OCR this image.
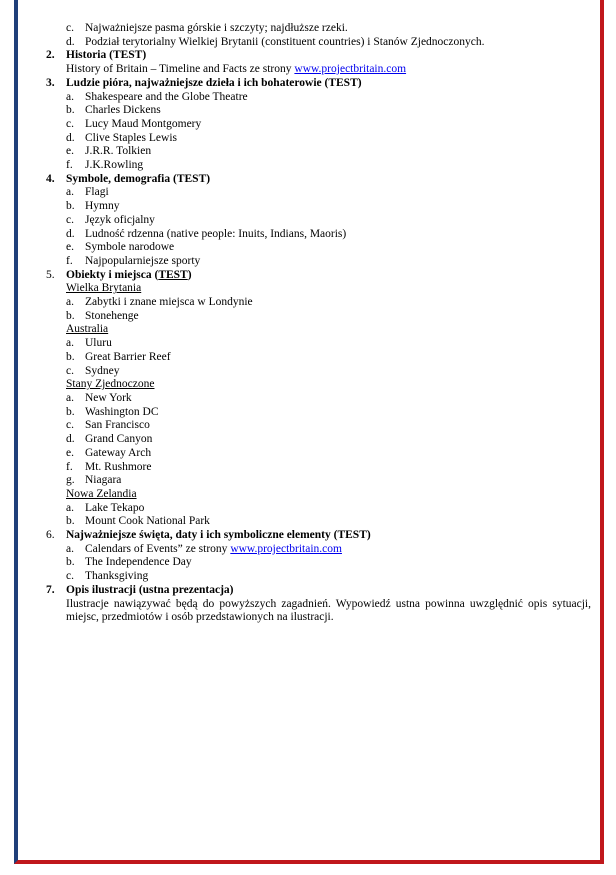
c. Najważniejsze pasma górskie i szczyty; najdłuższe rzeki.
d. Podział terytorialny Wielkiej Brytanii (constituent countries) i Stanów Zjednoczonych.
2. Historia (TEST)
History of Britain – Timeline and Facts ze strony www.projectbritain.com
3. Ludzie pióra, najważniejsze dzieła i ich bohaterowie (TEST)
a. Shakespeare and the Globe Theatre
b. Charles Dickens
c. Lucy Maud Montgomery
d. Clive Staples Lewis
e. J.R.R. Tolkien
f.	J.K.Rowling
4. Symbole, demografia (TEST)
a. Flagi
b. Hymny
c. Język oficjalny
d. Ludność rdzenna (native people: Inuits, Indians, Maoris)
e. Symbole narodowe
f.	Najpopularniejsze sporty
5. Obiekty i miejsca (TEST)
Wielka Brytania
a. Zabytki i znane miejsca w Londynie
b. Stonehenge
Australia
a. Uluru
b. Great Barrier Reef
c. Sydney
Stany Zjednoczone
a. New York
b. Washington DC
c. San Francisco
d. Grand Canyon
e. Gateway Arch
f.	Mt. Rushmore
g. Niagara
Nowa Zelandia
a. Lake Tekapo
b. Mount Cook National Park
6. Najważniejsze święta, daty i ich symboliczne elementy (TEST)
a. Calendars of Events” ze strony www.projectbritain.com
b. The Independence Day
c. Thanksgiving
7. Opis ilustracji (ustna prezentacja)
Ilustracje nawiązywać będą do powyższych zagadnień. Wypowiedź ustna powinna uwzględnić opis sytuacji, miejsc, przedmiotów i osób przedstawionych na ilustracji.
